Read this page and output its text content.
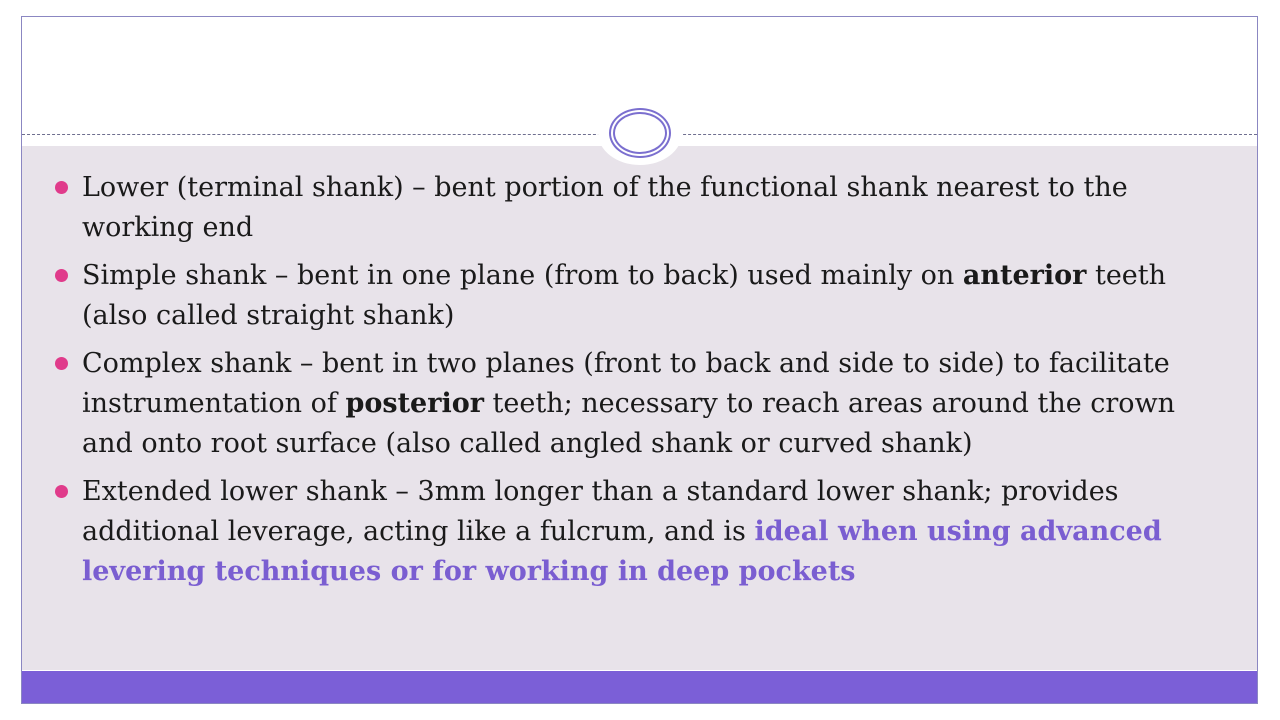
Lower (terminal shank) – bent portion of the functional shank nearest to the working end
Simple shank – bent in one plane (from to back) used mainly on anterior teeth (also called straight shank)
Complex shank – bent in two planes (front to back and side to side) to facilitate instrumentation of posterior teeth; necessary to reach areas around the crown and onto root surface (also called angled shank or curved shank)
Extended lower shank – 3mm longer than a standard lower shank; provides additional leverage, acting like a fulcrum, and is ideal when using advanced levering techniques or for working in deep pockets
